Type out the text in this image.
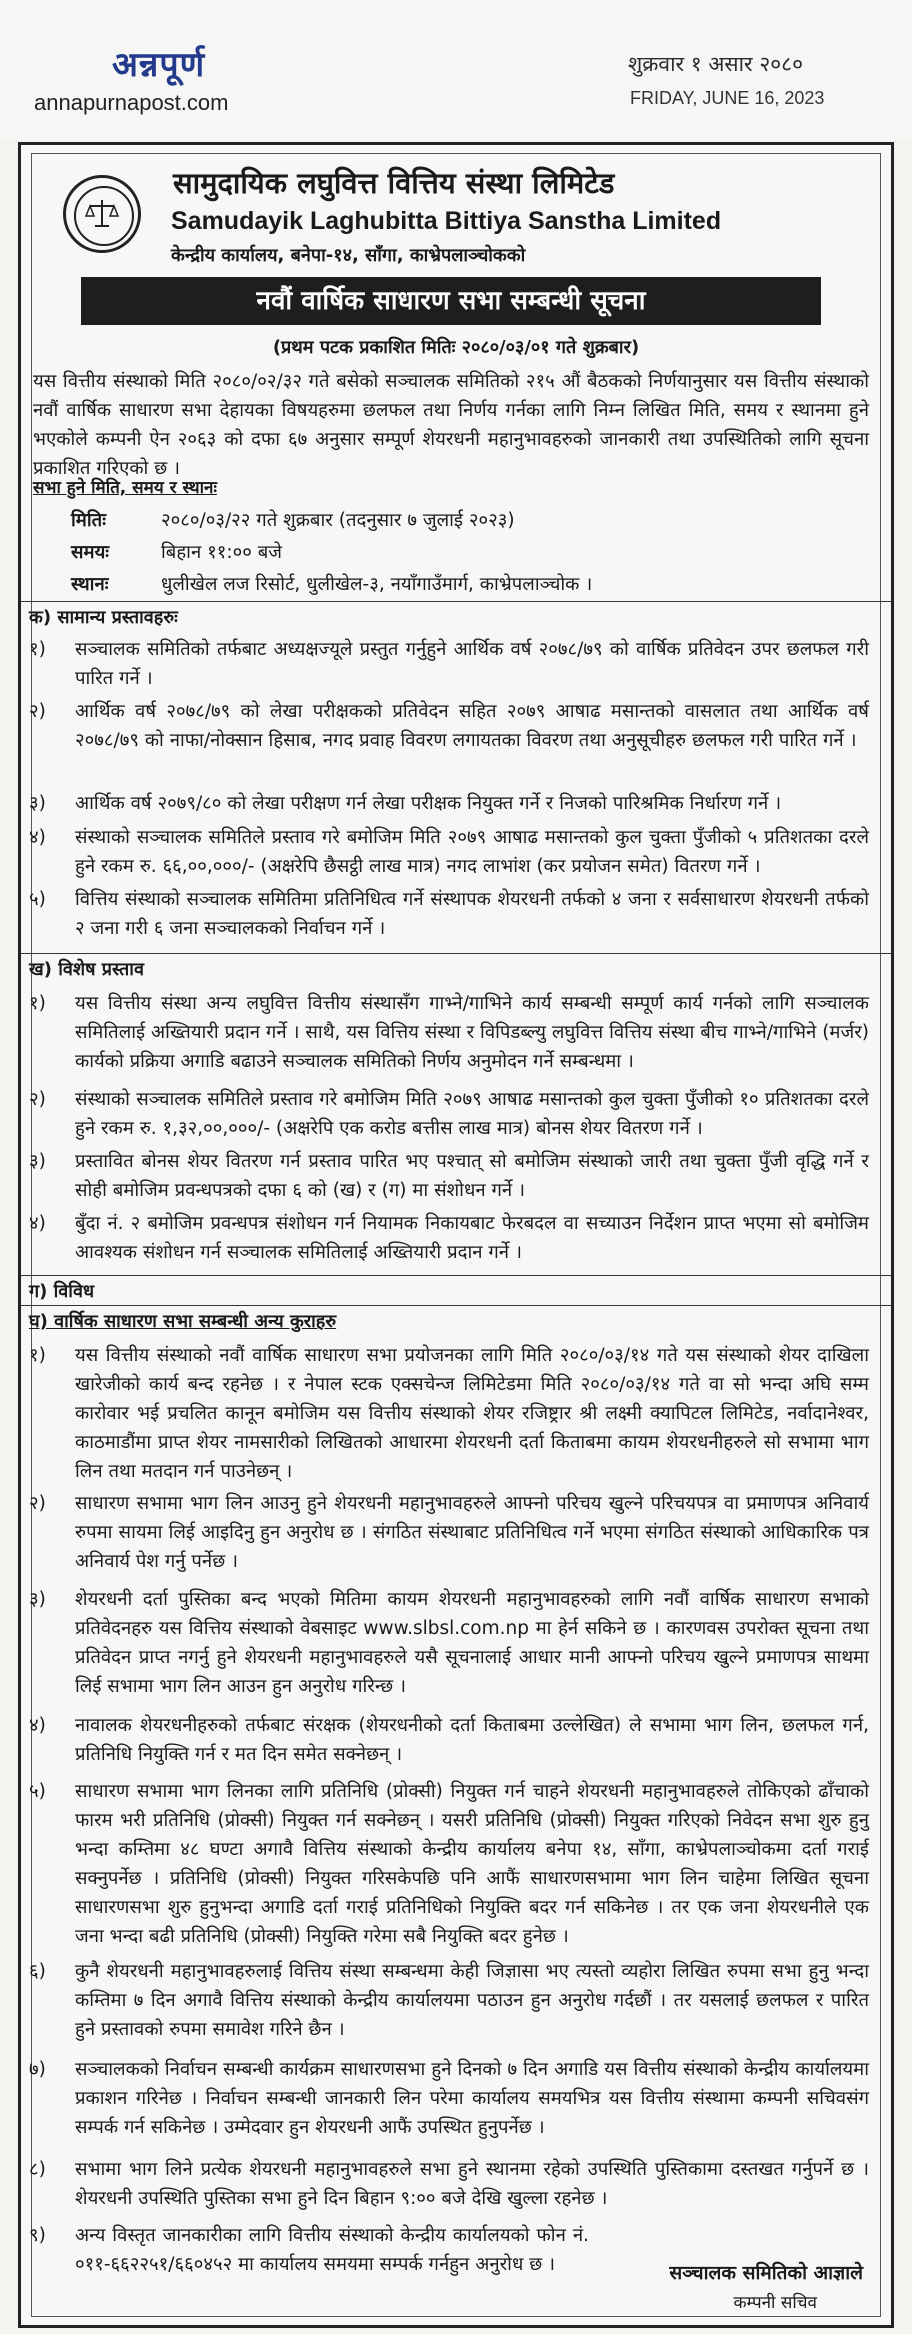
अन्नपूर्ण
annapurnapost.com
शुक्रवार १ असार २०८०
FRIDAY, JUNE 16, 2023
सामुदायिक लघुवित्त वित्तिय संस्था लिमिटेड
Samudayik Laghubitta Bittiya Sanstha Limited
केन्द्रीय कार्यालय, बनेपा-१४, साँगा, काभ्रेपलाञ्चोककाे
नवौं वार्षिक साधारण सभा सम्बन्धी सूचना
(प्रथम पटक प्रकाशित मितिः २०८०/०३/०१ गते शुक्रबार)
यस वित्तीय संस्थाको मिति २०८०/०२/३२ गते बसेको सञ्चालक समितिको २१५ औं बैठकको निर्णयानुसार यस वित्तीय संस्थाको नवौं वार्षिक साधारण सभा देहायका विषयहरुमा छलफल तथा निर्णय गर्नका लागि निम्न लिखित मिति, समय र स्थानमा हुने भएकोले कम्पनी ऐन २०६३ को दफा ६७ अनुसार सम्पूर्ण शेयरधनी महानुभावहरुको जानकारी तथा उपस्थितिको लागि सूचना प्रकाशित गरिएको छ ।
सभा हुने मिति, समय र स्थानः
मितिः	२०८०/०३/२२ गते शुक्रबार (तदनुसार ७ जुलाई २०२३)
समयः	बिहान ११:०० बजे
स्थानः	धुलीखेल लज रिसोर्ट, धुलीखेल-३, नयाँगाउँमार्ग, काभ्रेपलाञ्चोक ।
क) सामान्य प्रस्तावहरुः
१)	सञ्चालक समितिको तर्फबाट अध्यक्षज्यूले प्रस्तुत गर्नुहुने आर्थिक वर्ष २०७८/७९ को वार्षिक प्रतिवेदन उपर छलफल गरी पारित गर्ने ।
२)	आर्थिक वर्ष २०७८/७९ को लेखा परीक्षकको प्रतिवेदन सहित २०७९ आषाढ मसान्तको वासलात तथा आर्थिक वर्ष २०७८/७९ को नाफा/नोक्सान हिसाब, नगद प्रवाह विवरण लगायतका विवरण तथा अनुसूचीहरु छलफल गरी पारित गर्ने ।
३)	आर्थिक वर्ष २०७९/८० को लेखा परीक्षण गर्न लेखा परीक्षक नियुक्त गर्ने र निजको पारिश्रमिक निर्धारण गर्ने ।
४)	संस्थाको सञ्चालक समितिले प्रस्ताव गरे बमोजिम मिति २०७९ आषाढ मसान्तको कुल चुक्ता पुँजीको ५ प्रतिशतका दरले हुने रकम रु. ६६,००,०००/- (अक्षरेपि छैसट्ठी लाख मात्र) नगद लाभांश (कर प्रयोजन समेत) वितरण गर्ने ।
५)	वित्तिय संस्थाको सञ्चालक समितिमा प्रतिनिधित्व गर्ने संस्थापक शेयरधनी तर्फको ४ जना र सर्वसाधारण शेयरधनी तर्फको २ जना गरी ६ जना सञ्चालकको निर्वाचन गर्ने ।
ख) विशेष प्रस्ताव
१)	यस वित्तीय संस्था अन्य लघुवित्त वित्तीय संस्थासँग गाभ्ने/गाभिने कार्य सम्बन्धी सम्पूर्ण कार्य गर्नको लागि सञ्चालक समितिलाई अख्तियारी प्रदान गर्ने । साथै, यस वित्तिय संस्था र विपिडब्ल्यु लघुवित्त वित्तिय संस्था बीच गाभ्ने/गाभिने (मर्जर) कार्यको प्रक्रिया अगाडि बढाउने सञ्चालक समितिको निर्णय अनुमोदन गर्ने सम्बन्धमा ।
२)	संस्थाको सञ्चालक समितिले प्रस्ताव गरे बमोजिम मिति २०७९ आषाढ मसान्तको कुल चुक्ता पुँजीको १० प्रतिशतका दरले हुने रकम रु. १,३२,००,०००/- (अक्षरेपि एक करोड बत्तीस लाख मात्र) बोनस शेयर वितरण गर्ने ।
३)	प्रस्तावित बोनस शेयर वितरण गर्न प्रस्ताव पारित भए पश्चात् सो बमोजिम संस्थाको जारी तथा चुक्ता पुँजी वृद्धि गर्ने र सोही बमोजिम प्रवन्धपत्रको दफा ६ को (ख) र (ग) मा संशोधन गर्ने ।
४)	बुँदा नं. २ बमोजिम प्रवन्धपत्र संशोधन गर्न नियामक निकायबाट फेरबदल वा सच्याउन निर्देशन प्राप्त भएमा सो बमोजिम आवश्यक संशोधन गर्न सञ्चालक समितिलाई अख्तियारी प्रदान गर्ने ।
ग) विविध
घ) वार्षिक साधारण सभा सम्बन्धी अन्य कुराहरु
१)	यस वित्तीय संस्थाको नवौं वार्षिक साधारण सभा प्रयोजनका लागि मिति २०८०/०३/१४ गते यस संस्थाको शेयर दाखिला खारेजीको कार्य बन्द रहनेछ । र नेपाल स्टक एक्सचेन्ज लिमिटेडमा मिति २०८०/०३/१४ गते वा सो भन्दा अघि सम्म कारोवार भई प्रचलित कानून बमोजिम यस वित्तीय संस्थाको शेयर रजिष्ट्रार श्री लक्ष्मी क्यापिटल लिमिटेड, नर्वादानेश्वर, काठमाडौंमा प्राप्त शेयर नामसारीको लिखितको आधारमा शेयरधनी दर्ता किताबमा कायम शेयरधनीहरुले सो सभामा भाग लिन तथा मतदान गर्न पाउनेछन् ।
२)	साधारण सभामा भाग लिन आउनु हुने शेयरधनी महानुभावहरुले आफ्नो परिचय खुल्ने परिचयपत्र वा प्रमाणपत्र अनिवार्य रुपमा सायमा लिई आइदिनु हुन अनुरोध छ । संगठित संस्थाबाट प्रतिनिधित्व गर्ने भएमा संगठित संस्थाको आधिकारिक पत्र अनिवार्य पेश गर्नु पर्नेछ ।
३)	शेयरधनी दर्ता पुस्तिका बन्द भएको मितिमा कायम शेयरधनी महानुभावहरुको लागि नवौं वार्षिक साधारण सभाको प्रतिवेदनहरु यस वित्तिय संस्थाको वेबसाइट www.slbsl.com.np मा हेर्न सकिने छ । कारणवस उपरोक्त सूचना तथा प्रतिवेदन प्राप्त नगर्नु हुने शेयरधनी महानुभावहरुले यसै सूचनालाई आधार मानी आफ्नो परिचय खुल्ने प्रमाणपत्र साथमा लिई सभामा भाग लिन आउन हुन अनुरोध गरिन्छ ।
४)	नावालक शेयरधनीहरुको तर्फबाट संरक्षक (शेयरधनीको दर्ता किताबमा उल्लेखित) ले सभामा भाग लिन, छलफल गर्न, प्रतिनिधि नियुक्ति गर्न र मत दिन समेत सक्नेछन् ।
५)	साधारण सभामा भाग लिनका लागि प्रतिनिधि (प्रोक्सी) नियुक्त गर्न चाहने शेयरधनी महानुभावहरुले तोकिएको ढाँचाको फारम भरी प्रतिनिधि (प्रोक्सी) नियुक्त गर्न सक्नेछन् । यसरी प्रतिनिधि (प्रोक्सी) नियुक्त गरिएको निवेदन सभा शुरु हुनु भन्दा कम्तिमा ४८ घण्टा अगावै वित्तिय संस्थाको केन्द्रीय कार्यालय बनेपा १४, साँगा, काभ्रेपलाञ्चोकमा दर्ता गराई सक्नुपर्नेछ । प्रतिनिधि (प्रोक्सी) नियुक्त गरिसकेपछि पनि आफैं साधारणसभामा भाग लिन चाहेमा लिखित सूचना साधारणसभा शुरु हुनुभन्दा अगाडि दर्ता गराई प्रतिनिधिको नियुक्ति बदर गर्न सकिनेछ । तर एक जना शेयरधनीले एक जना भन्दा बढी प्रतिनिधि (प्रोक्सी) नियुक्ति गरेमा सबै नियुक्ति बदर हुनेछ ।
६)	कुनै शेयरधनी महानुभावहरुलाई वित्तिय संस्था सम्बन्धमा केही जिज्ञासा भए त्यस्तो व्यहोरा लिखित रुपमा सभा हुनु भन्दा कम्तिमा ७ दिन अगावै वित्तिय संस्थाको केन्द्रीय कार्यालयमा पठाउन हुन अनुरोध गर्दछौं । तर यसलाई छलफल र पारित हुने प्रस्तावको रुपमा समावेश गरिने छैन ।
७)	सञ्चालकको निर्वाचन सम्बन्धी कार्यक्रम साधारणसभा हुने दिनको ७ दिन अगाडि यस वित्तीय संस्थाको केन्द्रीय कार्यालयमा प्रकाशन गरिनेछ । निर्वाचन सम्बन्धी जानकारी लिन परेमा कार्यालय समयभित्र यस वित्तीय संस्थामा कम्पनी सचिवसंग सम्पर्क गर्न सकिनेछ । उम्मेदवार हुन शेयरधनी आफैं उपस्थित हुनुपर्नेछ ।
८)	सभामा भाग लिने प्रत्येक शेयरधनी महानुभावहरुले सभा हुने स्थानमा रहेको उपस्थिति पुस्तिकामा दस्तखत गर्नुपर्ने छ । शेयरधनी उपस्थिति पुस्तिका सभा हुने दिन बिहान ९:०० बजे देखि खुल्ला रहनेछ ।
९)	अन्य विस्तृत जानकारीका लागि वित्तीय संस्थाको केन्द्रीय कार्यालयको फोन नं. ०११-६६२२५१/६६०४५२ मा कार्यालय समयमा सम्पर्क गर्नहुन अनुरोध छ ।	सञ्चालक समितिको आज्ञाले
कम्पनी सचिव
